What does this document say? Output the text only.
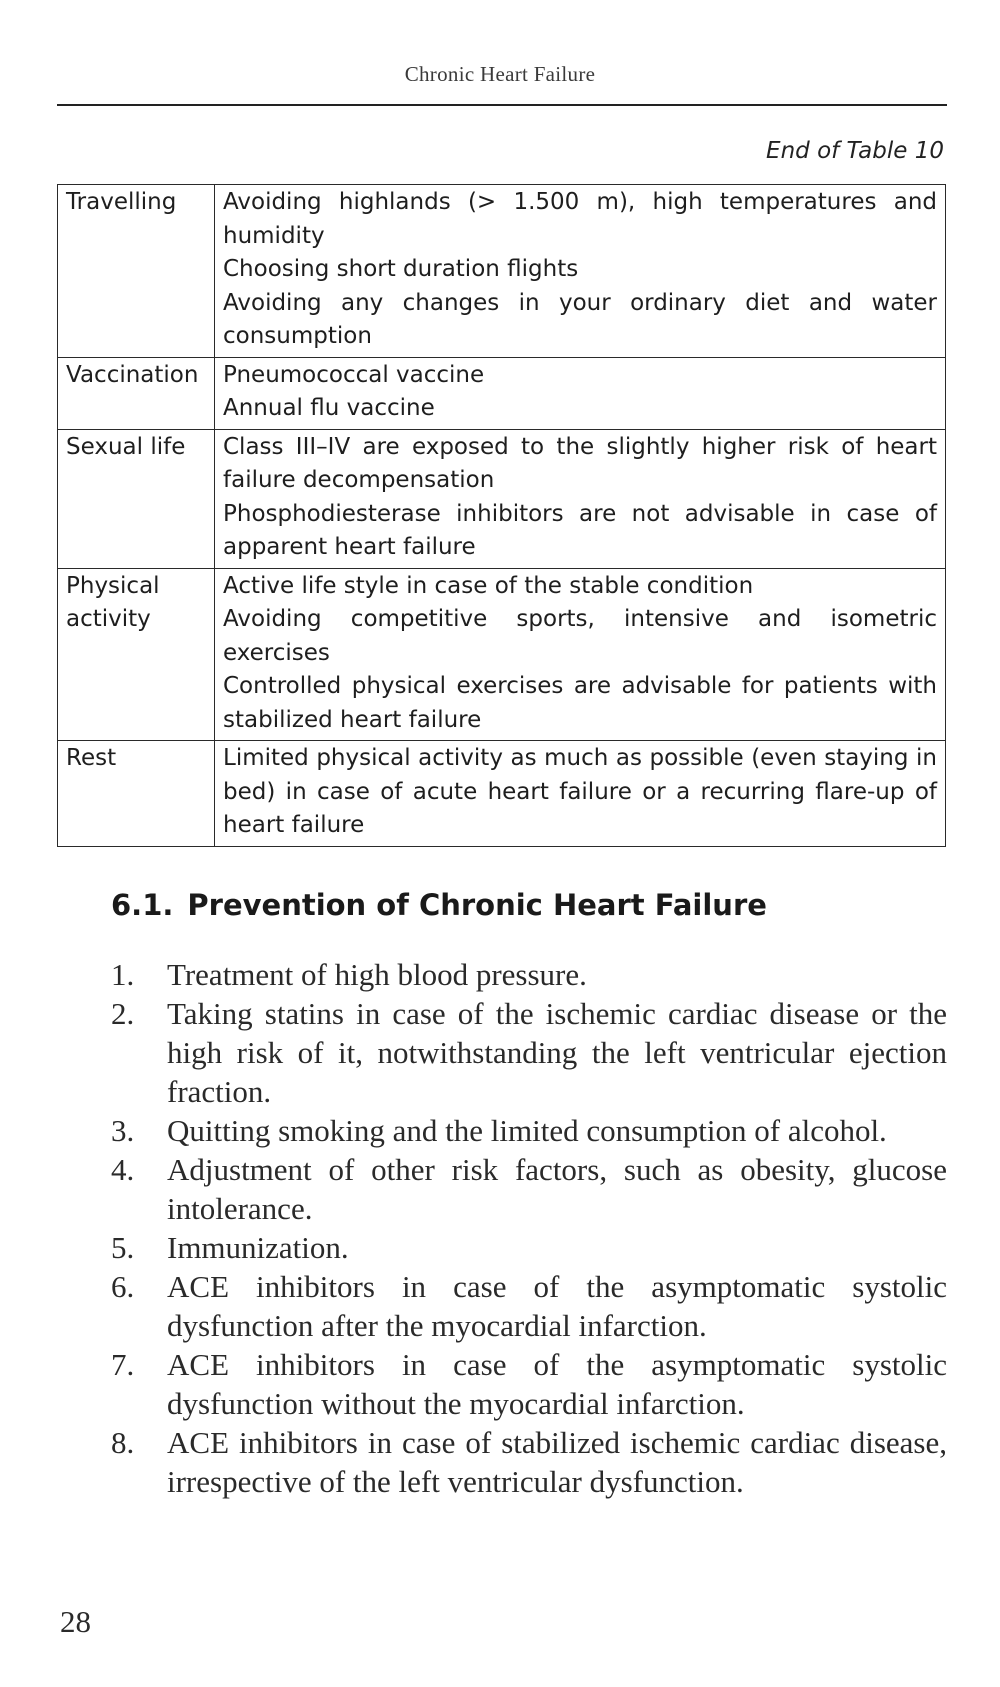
Chronic Heart Failure
End of Table 10
Travelling	Avoiding highlands (> 1.500 m), high temperatures and humidity
Choosing short duration flights
Avoiding any changes in your ordinary diet and water consumption

Vaccination	Pneumococcal vaccine
Annual flu vaccine

Sexual life	Class III–IV are exposed to the slightly higher risk of heart failure decompensation
Phosphodiesterase inhibitors are not advisable in case of apparent heart failure

Physical activity	Active life style in case of the stable condition
Avoiding competitive sports, intensive and isometric exercises
Controlled physical exercises are advisable for patients with stabilized heart failure

Rest	Limited physical activity as much as possible (even staying in bed) in case of acute heart failure or a recurring flare-up of heart failure
6.1. Prevention of Chronic Heart Failure
1. Treatment of high blood pressure.
2. Taking statins in case of the ischemic cardiac disease or the high risk of it, notwithstanding the left ventricular ejection fraction.
3. Quitting smoking and the limited consumption of alcohol.
4. Adjustment of other risk factors, such as obesity, glucose intolerance.
5. Immunization.
6. ACE inhibitors in case of the asymptomatic systolic dysfunction after the myocardial infarction.
7. ACE inhibitors in case of the asymptomatic systolic dysfunction without the myocardial infarction.
8. ACE inhibitors in case of stabilized ischemic cardiac disease, irrespective of the left ventricular dysfunction.
28
